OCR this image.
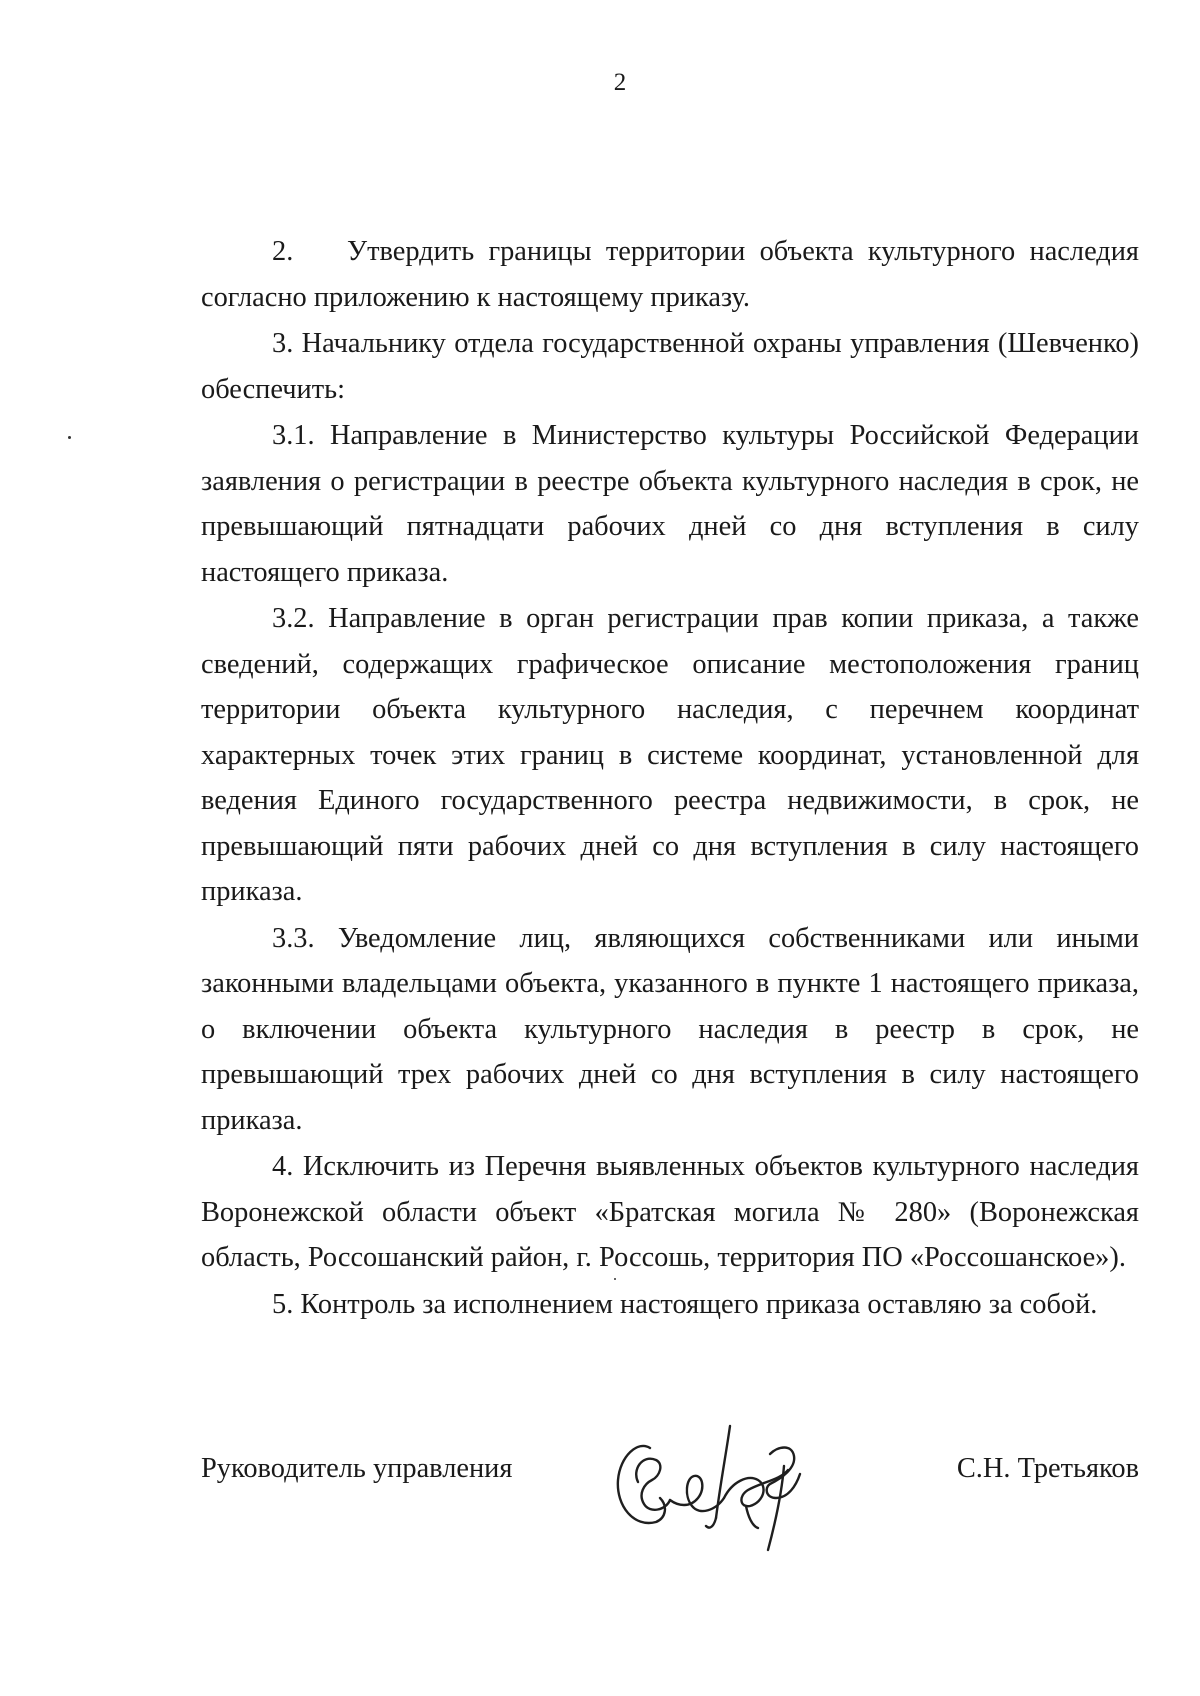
2

2. Утвердить границы территории объекта культурного наследия согласно приложению к настоящему приказу.

3. Начальнику отдела государственной охраны управления (Шевченко) обеспечить:

3.1. Направление в Министерство культуры Российской Федерации заявления о регистрации в реестре объекта культурного наследия в срок, не превышающий пятнадцати рабочих дней со дня вступления в силу настоящего приказа.

3.2. Направление в орган регистрации прав копии приказа, а также сведений, содержащих графическое описание местоположения границ территории объекта культурного наследия, с перечнем координат характерных точек этих границ в системе координат, установленной для ведения Единого государственного реестра недвижимости, в срок, не превышающий пяти рабочих дней со дня вступления в силу настоящего приказа.

3.3. Уведомление лиц, являющихся собственниками или иными законными владельцами объекта, указанного в пункте 1 настоящего приказа, о включении объекта культурного наследия в реестр в срок, не превышающий трех рабочих дней со дня вступления в силу настоящего приказа.

4. Исключить из Перечня выявленных объектов культурного наследия Воронежской области объект «Братская могила № 280» (Воронежская область, Россошанский район, г. Россошь, территория ПО «Россошанское»).

5. Контроль за исполнением настоящего приказа оставляю за собой.

Руководитель управления	С.Н. Третьяков
